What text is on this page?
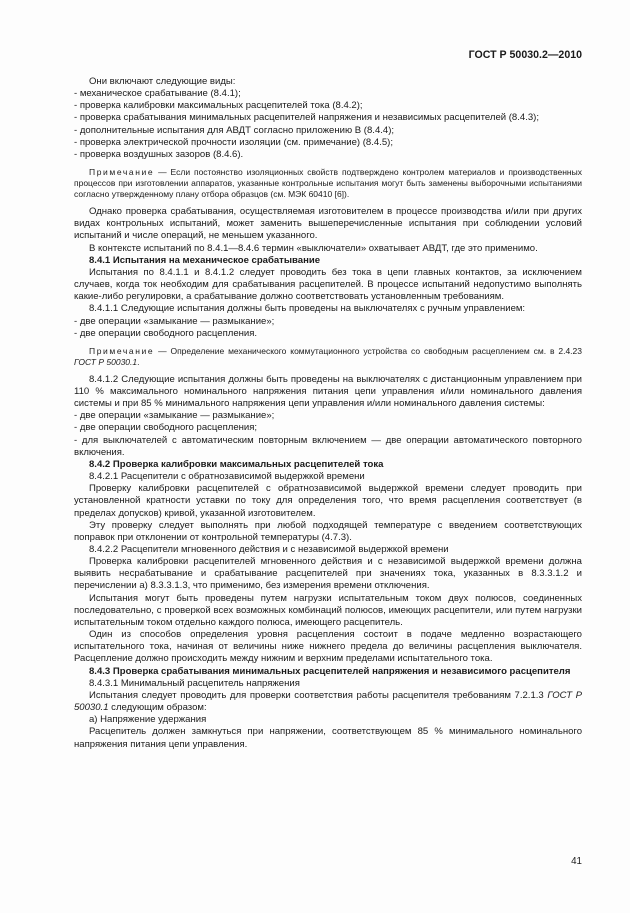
ГОСТ Р 50030.2—2010

Они включают следующие виды:

- механическое срабатывание (8.4.1);

- проверка калибровки максимальных расцепителей тока (8.4.2);

- проверка срабатывания минимальных расцепителей напряжения и независимых расцепителей (8.4.3);

- дополнительные испытания для АВДТ согласно приложению В (8.4.4);

- проверка электрической прочности изоляции (см. примечание) (8.4.5);

- проверка воздушных зазоров (8.4.6).

Примечание — Если постоянство изоляционных свойств подтверждено контролем материалов и производственных процессов при изготовлении аппаратов, указанные контрольные испытания могут быть заменены выборочными испытаниями согласно утвержденному плану отбора образцов (см. МЭК 60410 [6]).

Однако проверка срабатывания, осуществляемая изготовителем в процессе производства и/или при других видах контрольных испытаний, может заменить вышеперечисленные испытания при соблюдении условий испытаний и числе операций, не меньшем указанного.

В контексте испытаний по 8.4.1—8.4.6 термин «выключатели» охватывает АВДТ, где это применимо.

8.4.1 Испытания на механическое срабатывание

Испытания по 8.4.1.1 и 8.4.1.2 следует проводить без тока в цепи главных контактов, за исключением случаев, когда ток необходим для срабатывания расцепителей. В процессе испытаний недопустимо выполнять какие-либо регулировки, а срабатывание должно соответствовать установленным требованиям.

8.4.1.1 Следующие испытания должны быть проведены на выключателях с ручным управлением:

- две операции «замыкание — размыкание»;

- две операции свободного расцепления.

Примечание — Определение механического коммутационного устройства со свободным расцеплением см. в 2.4.23 ГОСТ Р 50030.1.

8.4.1.2 Следующие испытания должны быть проведены на выключателях с дистанционным управлением при 110 % максимального номинального напряжения питания цепи управления и/или номинального давления системы и при 85 % минимального напряжения цепи управления и/или номинального давления системы:

- две операции «замыкание — размыкание»;

- две операции свободного расцепления;

- для выключателей с автоматическим повторным включением — две операции автоматического повторного включения.

8.4.2 Проверка калибровки максимальных расцепителей тока

8.4.2.1 Расцепители с обратнозависимой выдержкой времени

Проверку калибровки расцепителей с обратнозависимой выдержкой времени следует проводить при установленной кратности уставки по току для определения того, что время расцепления соответствует (в пределах допусков) кривой, указанной изготовителем.

Эту проверку следует выполнять при любой подходящей температуре с введением соответствующих поправок при отклонении от контрольной температуры (4.7.3).

8.4.2.2 Расцепители мгновенного действия и с независимой выдержкой времени

Проверка калибровки расцепителей мгновенного действия и с независимой выдержкой времени должна выявить несрабатывание и срабатывание расцепителей при значениях тока, указанных в 8.3.3.1.2 и перечислении а) 8.3.3.1.3, что применимо, без измерения времени отключения.

Испытания могут быть проведены путем нагрузки испытательным током двух полюсов, соединенных последовательно, с проверкой всех возможных комбинаций полюсов, имеющих расцепители, или путем нагрузки испытательным током отдельно каждого полюса, имеющего расцепитель.

Один из способов определения уровня расцепления состоит в подаче медленно возрастающего испытательного тока, начиная от величины ниже нижнего предела до величины расцепления выключателя. Расцепление должно происходить между нижним и верхним пределами испытательного тока.

8.4.3 Проверка срабатывания минимальных расцепителей напряжения и независимого расцепителя

8.4.3.1 Минимальный расцепитель напряжения

Испытания следует проводить для проверки соответствия работы расцепителя требованиям 7.2.1.3 ГОСТ Р 50030.1 следующим образом:

а) Напряжение удержания

Расцепитель должен замкнуться при напряжении, соответствующем 85 % минимального номинального напряжения питания цепи управления.

41
